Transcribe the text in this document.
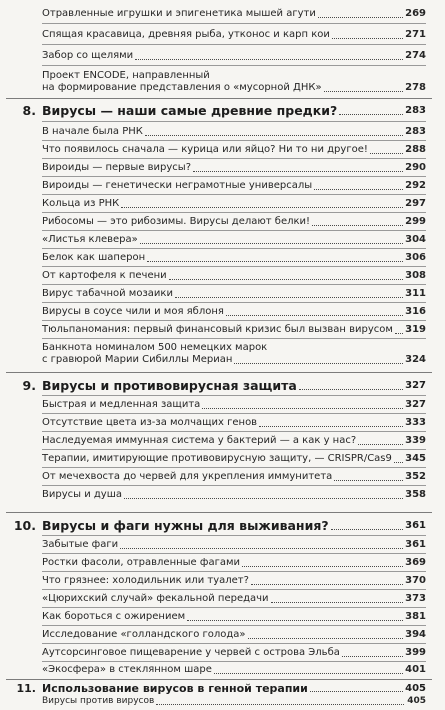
Отравленные игрушки и эпигенетика мышей агути	269
Спящая красавица, древняя рыба, утконос и карп кои	271
Забор со щелями	274
Проект ENCODE, направленный
на формирование представления о «мусорной ДНК»	278
8. Вирусы — наши самые древние предки?	283
В начале была РНК	283
Что появилось сначала — курица или яйцо? Ни то ни другое!	288
Вироиды — первые вирусы?	290
Вироиды — генетически неграмотные универсалы	292
Кольца из РНК	297
Рибосомы — это рибозимы. Вирусы делают белки!	299
«Листья клевера»	304
Белок как шаперон	306
От картофеля к печени	308
Вирус табачной мозаики	311
Вирусы в соусе чили и моя яблоня	316
Тюльпаномания: первый финансовый кризис был вызван вирусом 319
Банкнота номиналом 500 немецких марок
с гравюрой Марии Сибиллы Мериан	324
9. Вирусы и противовирусная защита	327
Быстрая и медленная защита	327
Отсутствие цвета из-за молчащих генов	333
Наследуемая иммунная система у бактерий — а как у нас?	339
Терапии, имитирующие противовирусную защиту, — CRISPR/Cas9 345
От мечехвоста до червей для укрепления иммунитета	352
Вирусы и душа	358
10. Вирусы и фаги нужны для выживания?	361
Забытые фаги	361
Ростки фасоли, отравленные фагами	369
Что грязнее: холодильник или туалет?	370
«Цюрихский случай» фекальной передачи	373
Как бороться с ожирением	381
Исследование «голландского голода»	394
Аутсорсинговое пищеварение у червей с острова Эльба	399
«Экосфера» в стеклянном шаре	401
11. Использование вирусов в генной терапии	405
Вирусы против вирусов	405
Дверь с нарушенной герметичностью, липицианские
